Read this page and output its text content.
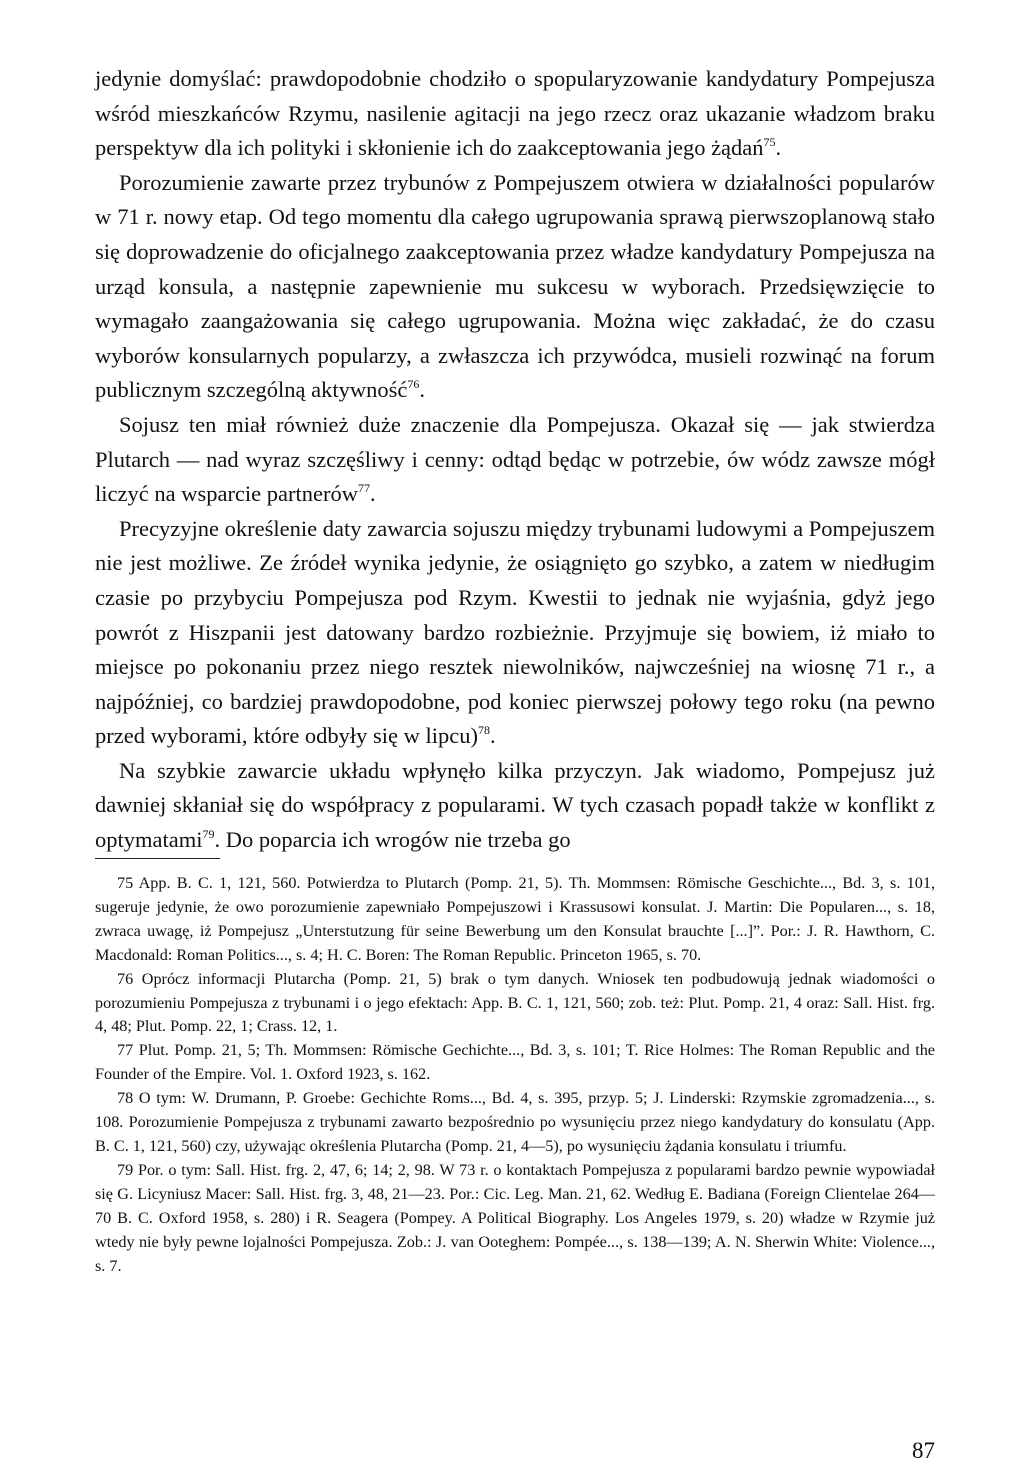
jedynie domyślać: prawdopodobnie chodziło o spopularyzowanie kandydatury Pompejusza wśród mieszkańców Rzymu, nasilenie agitacji na jego rzecz oraz ukazanie władzom braku perspektyw dla ich polityki i skłonienie ich do zaakceptowania jego żądań$^{75}$.

Porozumienie zawarte przez trybunów z Pompejuszem otwiera w działalności popularów w 71 r. nowy etap. Od tego momentu dla całego ugrupowania sprawą pierwszoplanową stało się doprowadzenie do oficjalnego zaakceptowania przez władze kandydatury Pompejusza na urząd konsula, a następnie zapewnienie mu sukcesu w wyborach. Przedsięwzięcie to wymagało zaangażowania się całego ugrupowania. Można więc zakładać, że do czasu wyborów konsularnych popularzy, a zwłaszcza ich przywódca, musieli rozwinąć na forum publicznym szczególną aktywność$^{76}$.

Sojusz ten miał również duże znaczenie dla Pompejusza. Okazał się — jak stwierdza Plutarch — nad wyraz szczęśliwy i cenny: odtąd będąc w potrzebie, ów wódz zawsze mógł liczyć na wsparcie partnerów$^{77}$.

Precyzyjne określenie daty zawarcia sojuszu między trybunami ludowymi a Pompejuszem nie jest możliwe. Ze źródeł wynika jedynie, że osiągnięto go szybko, a zatem w niedługim czasie po przybyciu Pompejusza pod Rzym. Kwestii to jednak nie wyjaśnia, gdyż jego powrót z Hiszpanii jest datowany bardzo rozbieżnie. Przyjmuje się bowiem, iż miało to miejsce po pokonaniu przez niego resztek niewolników, najwcześniej na wiosnę 71 r., a najpóźniej, co bardziej prawdopodobne, pod koniec pierwszej połowy tego roku (na pewno przed wyborami, które odbyły się w lipcu)$^{78}$.

Na szybkie zawarcie układu wpłynęło kilka przyczyn. Jak wiadomo, Pompejusz już dawniej skłaniał się do współpracy z popularami. W tych czasach popadł także w konflikt z optymatami$^{79}$. Do poparcia ich wrogów nie trzeba go

75 App. B. C. 1, 121, 560. Potwierdza to Plutarch (Pomp. 21, 5). Th. Mommsen: Römische Geschichte..., Bd. 3, s. 101, sugeruje jedynie, że owo porozumienie zapewniało Pompejuszowi i Krassusowi konsulat. J. Martin: Die Popularen..., s. 18, zwraca uwagę, iż Pompejusz „Unterstutzung für seine Bewerbung um den Konsulat brauchte [...]”. Por.: J. R. Hawthorn, C. Macdonald: Roman Politics..., s. 4; H. C. Boren: The Roman Republic. Princeton 1965, s. 70.

76 Oprócz informacji Plutarcha (Pomp. 21, 5) brak o tym danych. Wniosek ten podbudowują jednak wiadomości o porozumieniu Pompejusza z trybunami i o jego efektach: App. B. C. 1, 121, 560; zob. też: Plut. Pomp. 21, 4 oraz: Sall. Hist. frg. 4, 48; Plut. Pomp. 22, 1; Crass. 12, 1.

77 Plut. Pomp. 21, 5; Th. Mommsen: Römische Gechichte..., Bd. 3, s. 101; T. Rice Holmes: The Roman Republic and the Founder of the Empire. Vol. 1. Oxford 1923, s. 162.

78 O tym: W. Drumann, P. Groebe: Gechichte Roms..., Bd. 4, s. 395, przyp. 5; J. Linderski: Rzymskie zgromadzenia..., s. 108. Porozumienie Pompejusza z trybunami zawarto bezpośrednio po wysunięciu przez niego kandydatury do konsulatu (App. B. C. 1, 121, 560) czy, używając określenia Plutarcha (Pomp. 21, 4—5), po wysunięciu żądania konsulatu i triumfu.

79 Por. o tym: Sall. Hist. frg. 2, 47, 6; 14; 2, 98. W 73 r. o kontaktach Pompejusza z popularami bardzo pewnie wypowiadał się G. Licyniusz Macer: Sall. Hist. frg. 3, 48, 21—23. Por.: Cic. Leg. Man. 21, 62. Według E. Badiana (Foreign Clientelae 264—70 B. C. Oxford 1958, s. 280) i R. Seagera (Pompey. A Political Biography. Los Angeles 1979, s. 20) władze w Rzymie już wtedy nie były pewne lojalności Pompejusza. Zob.: J. van Ooteghem: Pompée..., s. 138—139; A. N. Sherwin White: Violence..., s. 7.

87
